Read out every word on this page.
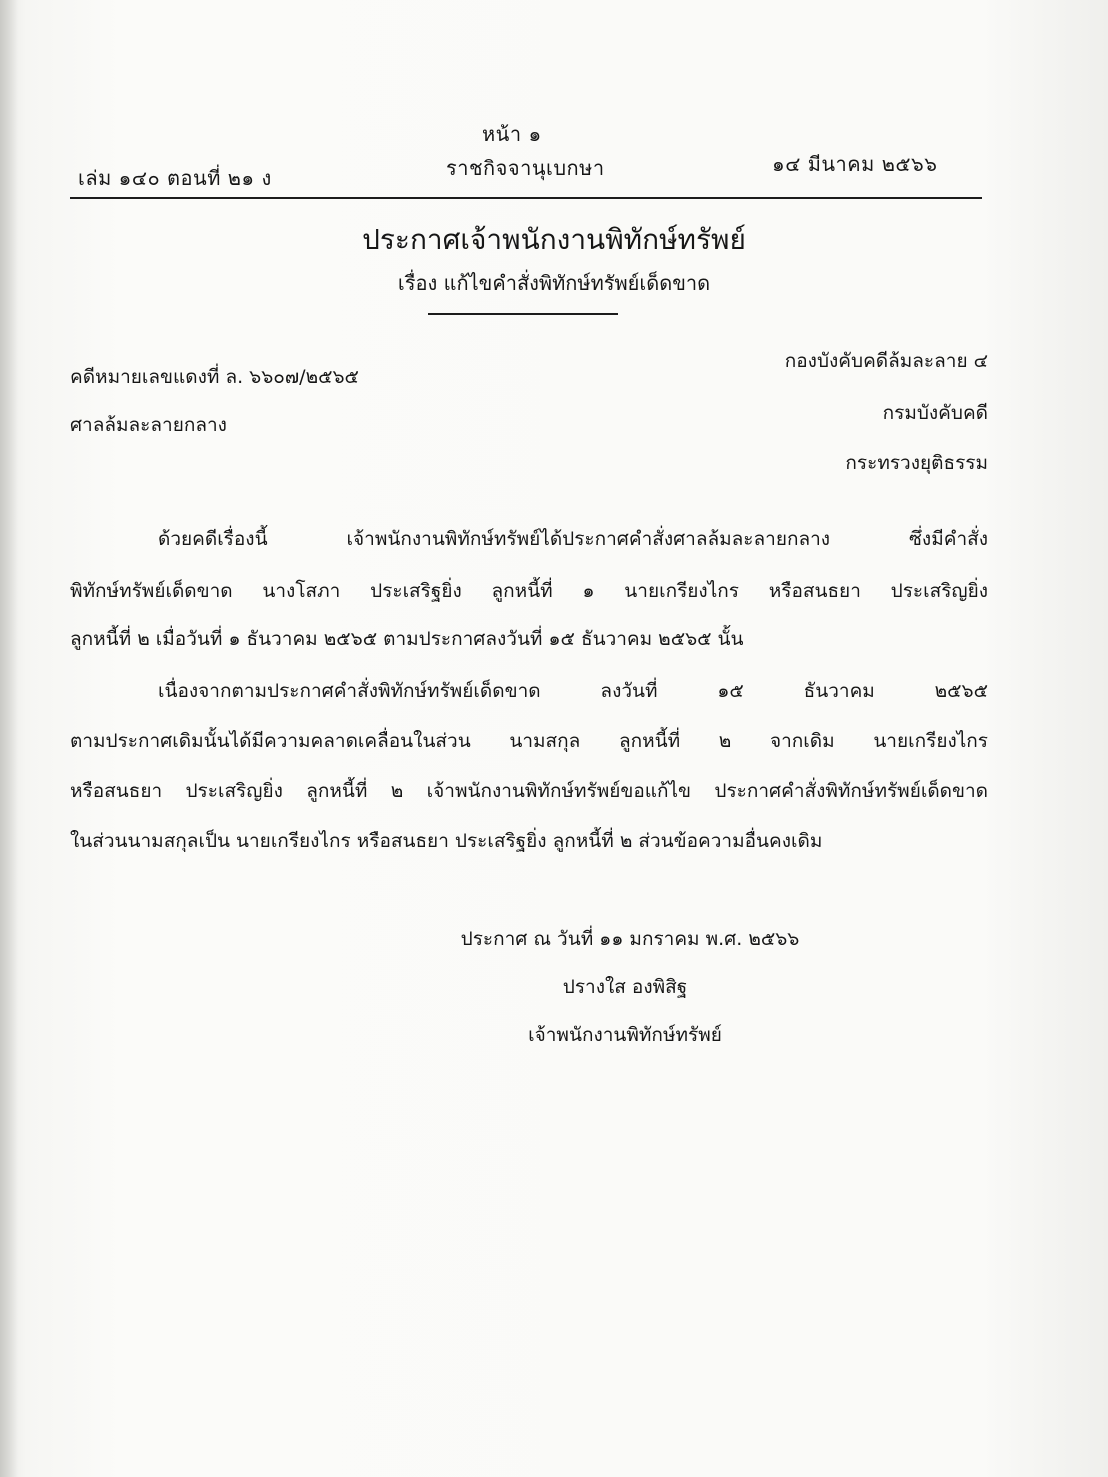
หน้า ๑
เล่ม ๑๔๐ ตอนที่ ๒๑ ง	ราชกิจจานุเบกษา	๑๔ มีนาคม ๒๕๖๖
ประกาศเจ้าพนักงานพิทักษ์ทรัพย์
เรื่อง แก้ไขคำสั่งพิทักษ์ทรัพย์เด็ดขาด
คดีหมายเลขแดงที่ ล. ๖๖๐๗/๒๕๖๕
ศาลล้มละลายกลาง
กองบังคับคดีล้มละลาย ๔
กรมบังคับคดี
กระทรวงยุติธรรม
ด้วยคดีเรื่องนี้ เจ้าพนักงานพิทักษ์ทรัพย์ได้ประกาศคำสั่งศาลล้มละลายกลาง ซึ่งมีคำสั่ง
พิทักษ์ทรัพย์เด็ดขาด นางโสภา ประเสริฐยิ่ง ลูกหนี้ที่ ๑ นายเกรียงไกร หรือสนธยา ประเสริญยิ่ง
ลูกหนี้ที่ ๒ เมื่อวันที่ ๑ ธันวาคม ๒๕๖๕ ตามประกาศลงวันที่ ๑๕ ธันวาคม ๒๕๖๕ นั้น
เนื่องจากตามประกาศคำสั่งพิทักษ์ทรัพย์เด็ดขาด ลงวันที่ ๑๕ ธันวาคม ๒๕๖๕
ตามประกาศเดิมนั้นได้มีความคลาดเคลื่อนในส่วน นามสกุล ลูกหนี้ที่ ๒ จากเดิม นายเกรียงไกร
หรือสนธยา ประเสริญยิ่ง ลูกหนี้ที่ ๒ เจ้าพนักงานพิทักษ์ทรัพย์ขอแก้ไข ประกาศคำสั่งพิทักษ์ทรัพย์เด็ดขาด
ในส่วนนามสกุลเป็น นายเกรียงไกร หรือสนธยา ประเสริฐยิ่ง ลูกหนี้ที่ ๒ ส่วนข้อความอื่นคงเดิม
ประกาศ ณ วันที่ ๑๑ มกราคม พ.ศ. ๒๕๖๖
ปรางใส องพิสิฐ
เจ้าพนักงานพิทักษ์ทรัพย์
